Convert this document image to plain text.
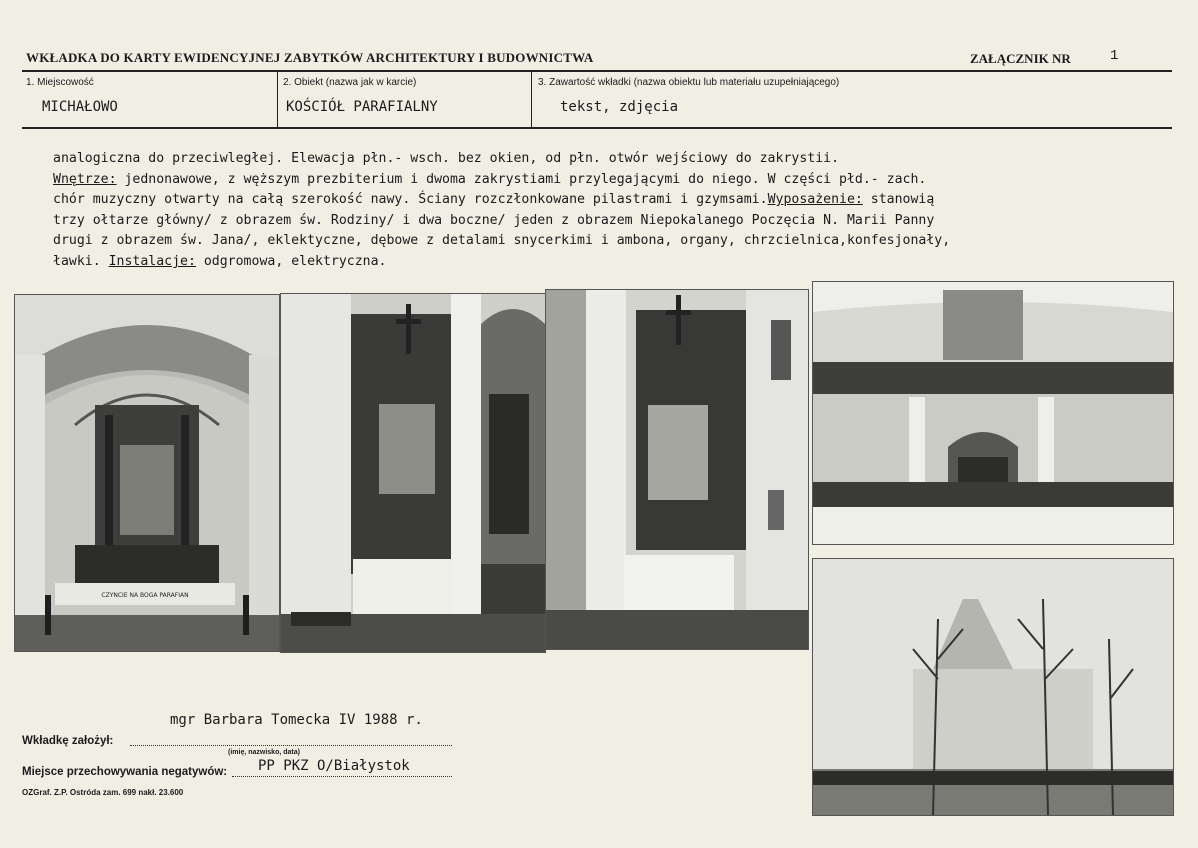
WKŁADKA DO KARTY EWIDENCYJNEJ ZABYTKÓW ARCHITEKTURY I BUDOWNICTWA	ZAŁĄCZNIK NR	1
1. Miejscowość
MICHAŁOWO
2. Obiekt (nazwa jak w karcie)
KOŚCIÓŁ PARAFIALNY
3. Zawartość wkładki (nazwa obiektu lub materiału uzupełniającego)
tekst, zdjęcia
analogiczna do przeciwległej. Elewacja płn.- wsch. bez okien, od płn. otwór wejściowy do zakrystii.
Wnętrze: jednonawowe, z węższym prezbiterium i dwoma zakrystiami przylegającymi do niego. W części płd.- zach.
chór muzyczny otwarty na całą szerokość nawy. Ściany rozczłonkowane pilastrami i gzymsami.Wyposażenie: stanowią
trzy ołtarze główny/ z obrazem św. Rodziny/ i dwa boczne/ jeden z obrazem Niepokalanego Poczęcia N. Marii Panny
drugi z obrazem św. Jana/, eklektyczne, dębowe z detalami snycerkimi i ambona, organy, chrzcielnica,konfesjonały,
ławki. Instalacje: odgromowa, elektryczna.
CZYNCIE NA BOGA PARAFIAN
mgr Barbara Tomecka IV 1988 r.
Wkładkę założył:
(imię, nazwisko, data)
Miejsce przechowywania negatywów: PP PKZ O/Białystok
OZGraf. Z.P. Ostróda zam. 699 nakł. 23.600
